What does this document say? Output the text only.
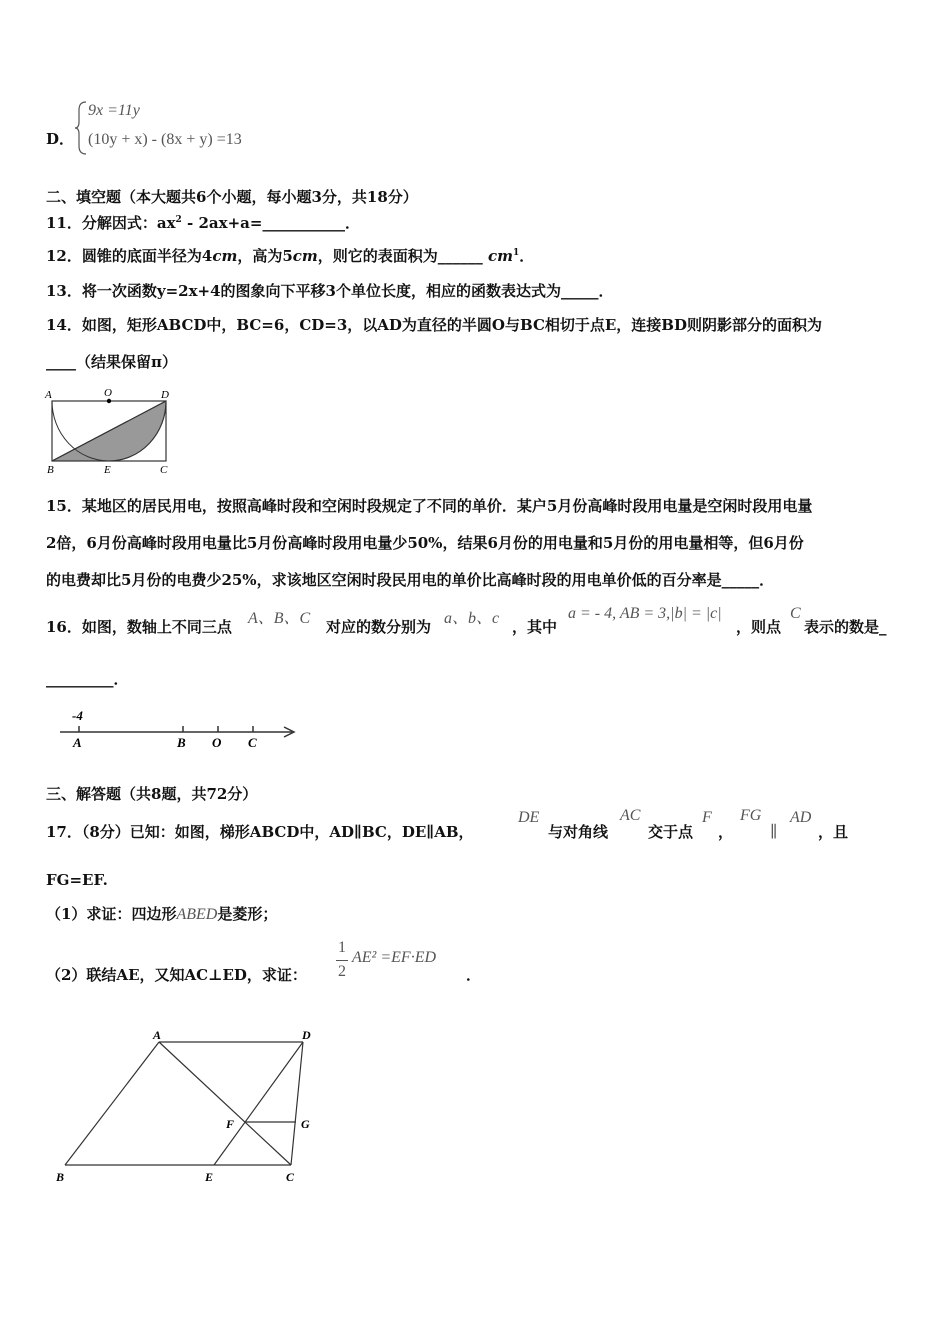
D．
9x =11y
(10y + x) - (8x + y) =13
二、填空题（本大题共6个小题，每小题3分，共18分）
11．分解因式：$ax^2$ - 2ax+a=___________．
12．圆锥的底面半径为4cm，高为5cm，则它的表面积为______ $cm^1$．
13．将一次函数y=2x+4的图象向下平移3个单位长度，相应的函数表达式为_____．
14．如图，矩形ABCD中，BC=6，CD=3，以AD为直径的半圆O与BC相切于点E，连接BD则阴影部分的面积为
____（结果保留π）
A	O	D
B	E	C
15．某地区的居民用电，按照高峰时段和空闲时段规定了不同的单价．某户5月份高峰时段用电量是空闲时段用电量
2倍，6月份高峰时段用电量比5月份高峰时段用电量少50%，结果6月份的用电量和5月份的用电量相等，但6月份
的电费却比5月份的电费少25%，求该地区空闲时段民用电的单价比高峰时段的用电单价低的百分率是_____．
16．如图，数轴上不同三点 A、B、C 对应的数分别为 a、b、c ，其中
a = - 4, AB = 3,|b| = |c|
，则点
C
表示的数是_
_________．
-4
A	B O C
三、解答题（共8题，共72分）
17．（8分）已知：如图，梯形ABCD中，AD∥BC，DE∥AB，
DE
与对角线
AC
交于点
F
，
FG
∥
AD
，且
FG=EF.
（1）求证：四边形ABED是菱形；
（2）联结AE，又知AC⊥ED，求证：
1
2
AE² =EF·ED
．
A	D
F	G
B	E	C
